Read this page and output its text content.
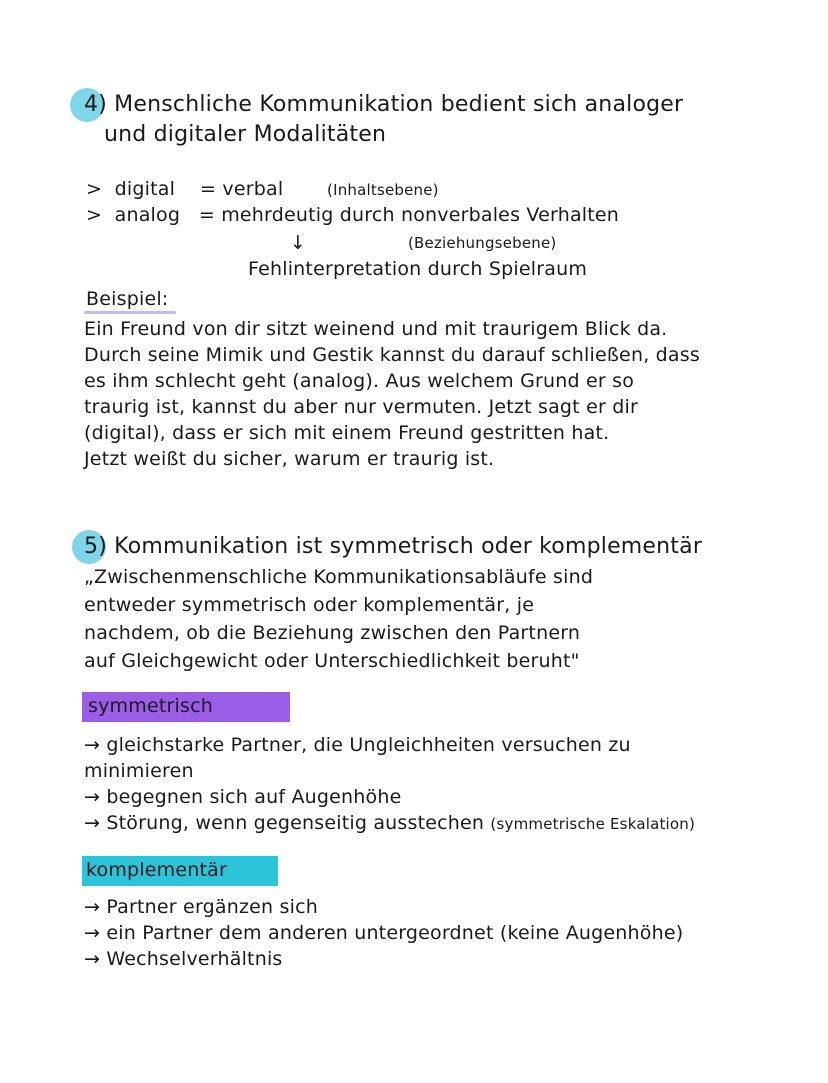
4) Menschliche Kommunikation bedient sich analoger
und digitaler Modalitäten
> digital = verbal	(Inhaltsebene)
> analog = mehrdeutig durch nonverbales Verhalten
↓	(Beziehungsebene)
Fehlinterpretation durch Spielraum
Beispiel:
Ein Freund von dir sitzt weinend und mit traurigem Blick da.
Durch seine Mimik und Gestik kannst du darauf schließen, dass
es ihm schlecht geht (analog). Aus welchem Grund er so
traurig ist, kannst du aber nur vermuten. Jetzt sagt er dir
(digital), dass er sich mit einem Freund gestritten hat.
Jetzt weißt du sicher, warum er traurig ist.
5) Kommunikation ist symmetrisch oder komplementär
„Zwischenmenschliche Kommunikationsabläufe sind
entweder symmetrisch oder komplementär, je
nachdem, ob die Beziehung zwischen den Partnern
auf Gleichgewicht oder Unterschiedlichkeit beruht"
symmetrisch
→ gleichstarke Partner, die Ungleichheiten versuchen zu
minimieren
→ begegnen sich auf Augenhöhe
→ Störung, wenn gegenseitig ausstechen (symmetrische Eskalation)
komplementär
→ Partner ergänzen sich
→ ein Partner dem anderen untergeordnet (keine Augenhöhe)
→ Wechselverhältnis
